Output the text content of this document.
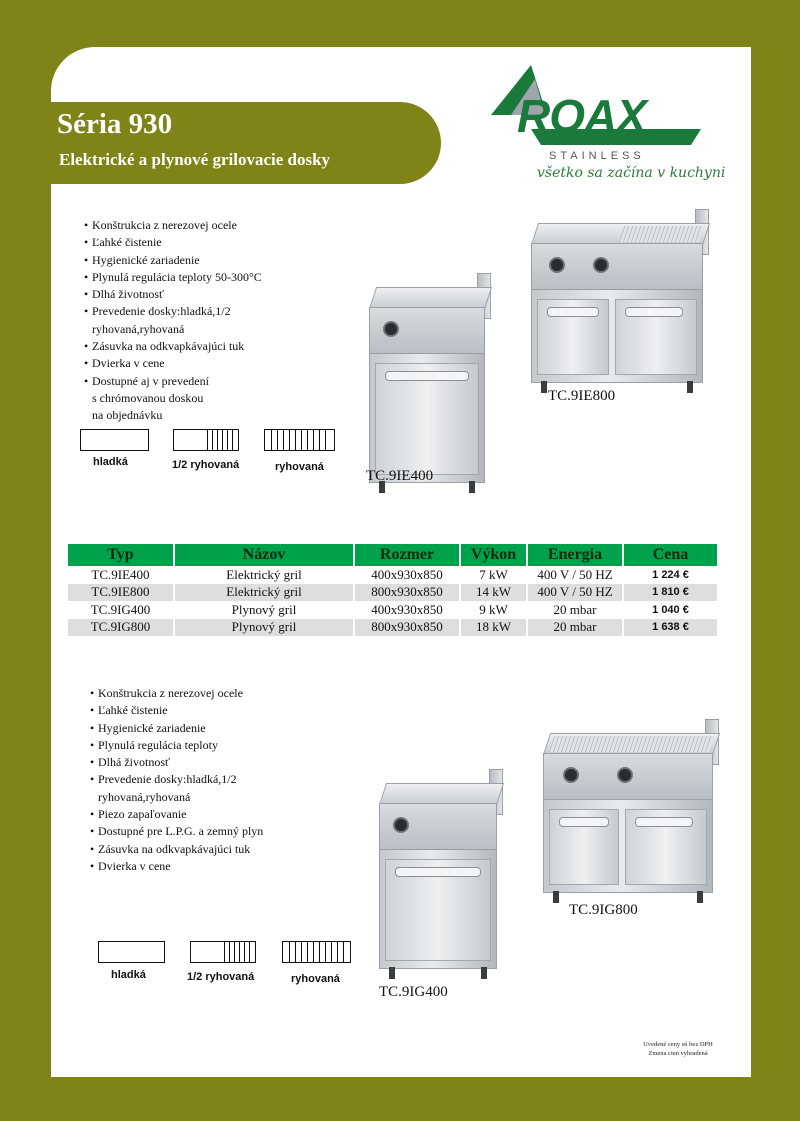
Séria 930
Elektrické a plynové grilovacie dosky
ROAX
STAINLESS
všetko sa začína v kuchyni
• Konštrukcia z nerezovej ocele
• Ľahké čistenie
• Hygienické zariadenie
• Plynulá regulácia teploty 50-300°C
• Dlhá životnosť
• Prevedenie dosky:hladká,1/2
ryhovaná,ryhovaná
• Zásuvka na odkvapkávajúci tuk
• Dvierka v cene
• Dostupné aj v prevedení
s chrómovanou doskou
na objednávku
hladká	1/2 ryhovaná	ryhovaná
TC.9IE400
TC.9IE800
Typ	Názov	Rozmer	Výkon	Energia	Cena
TC.9IE400	Elektrický gril	400x930x850	7 kW	400 V / 50 HZ	1 224 €
TC.9IE800	Elektrický gril	800x930x850	14 kW	400 V / 50 HZ	1 810 €
TC.9IG400	Plynový gril	400x930x850	9 kW	20 mbar	1 040 €
TC.9IG800	Plynový gril	800x930x850	18 kW	20 mbar	1 638 €
• Konštrukcia z nerezovej ocele
• Ľahké čistenie
• Hygienické zariadenie
• Plynulá regulácia teploty
• Dlhá životnosť
• Prevedenie dosky:hladká,1/2
ryhovaná,ryhovaná
• Piezo zapaľovanie
• Dostupné pre L.P.G. a zemný plyn
• Zásuvka na odkvapkávajúci tuk
• Dvierka v cene
hladká	1/2 ryhovaná	ryhovaná
TC.9IG400
TC.9IG800
Uvedené ceny sú bez DPH
Zmena cien vyhradená
